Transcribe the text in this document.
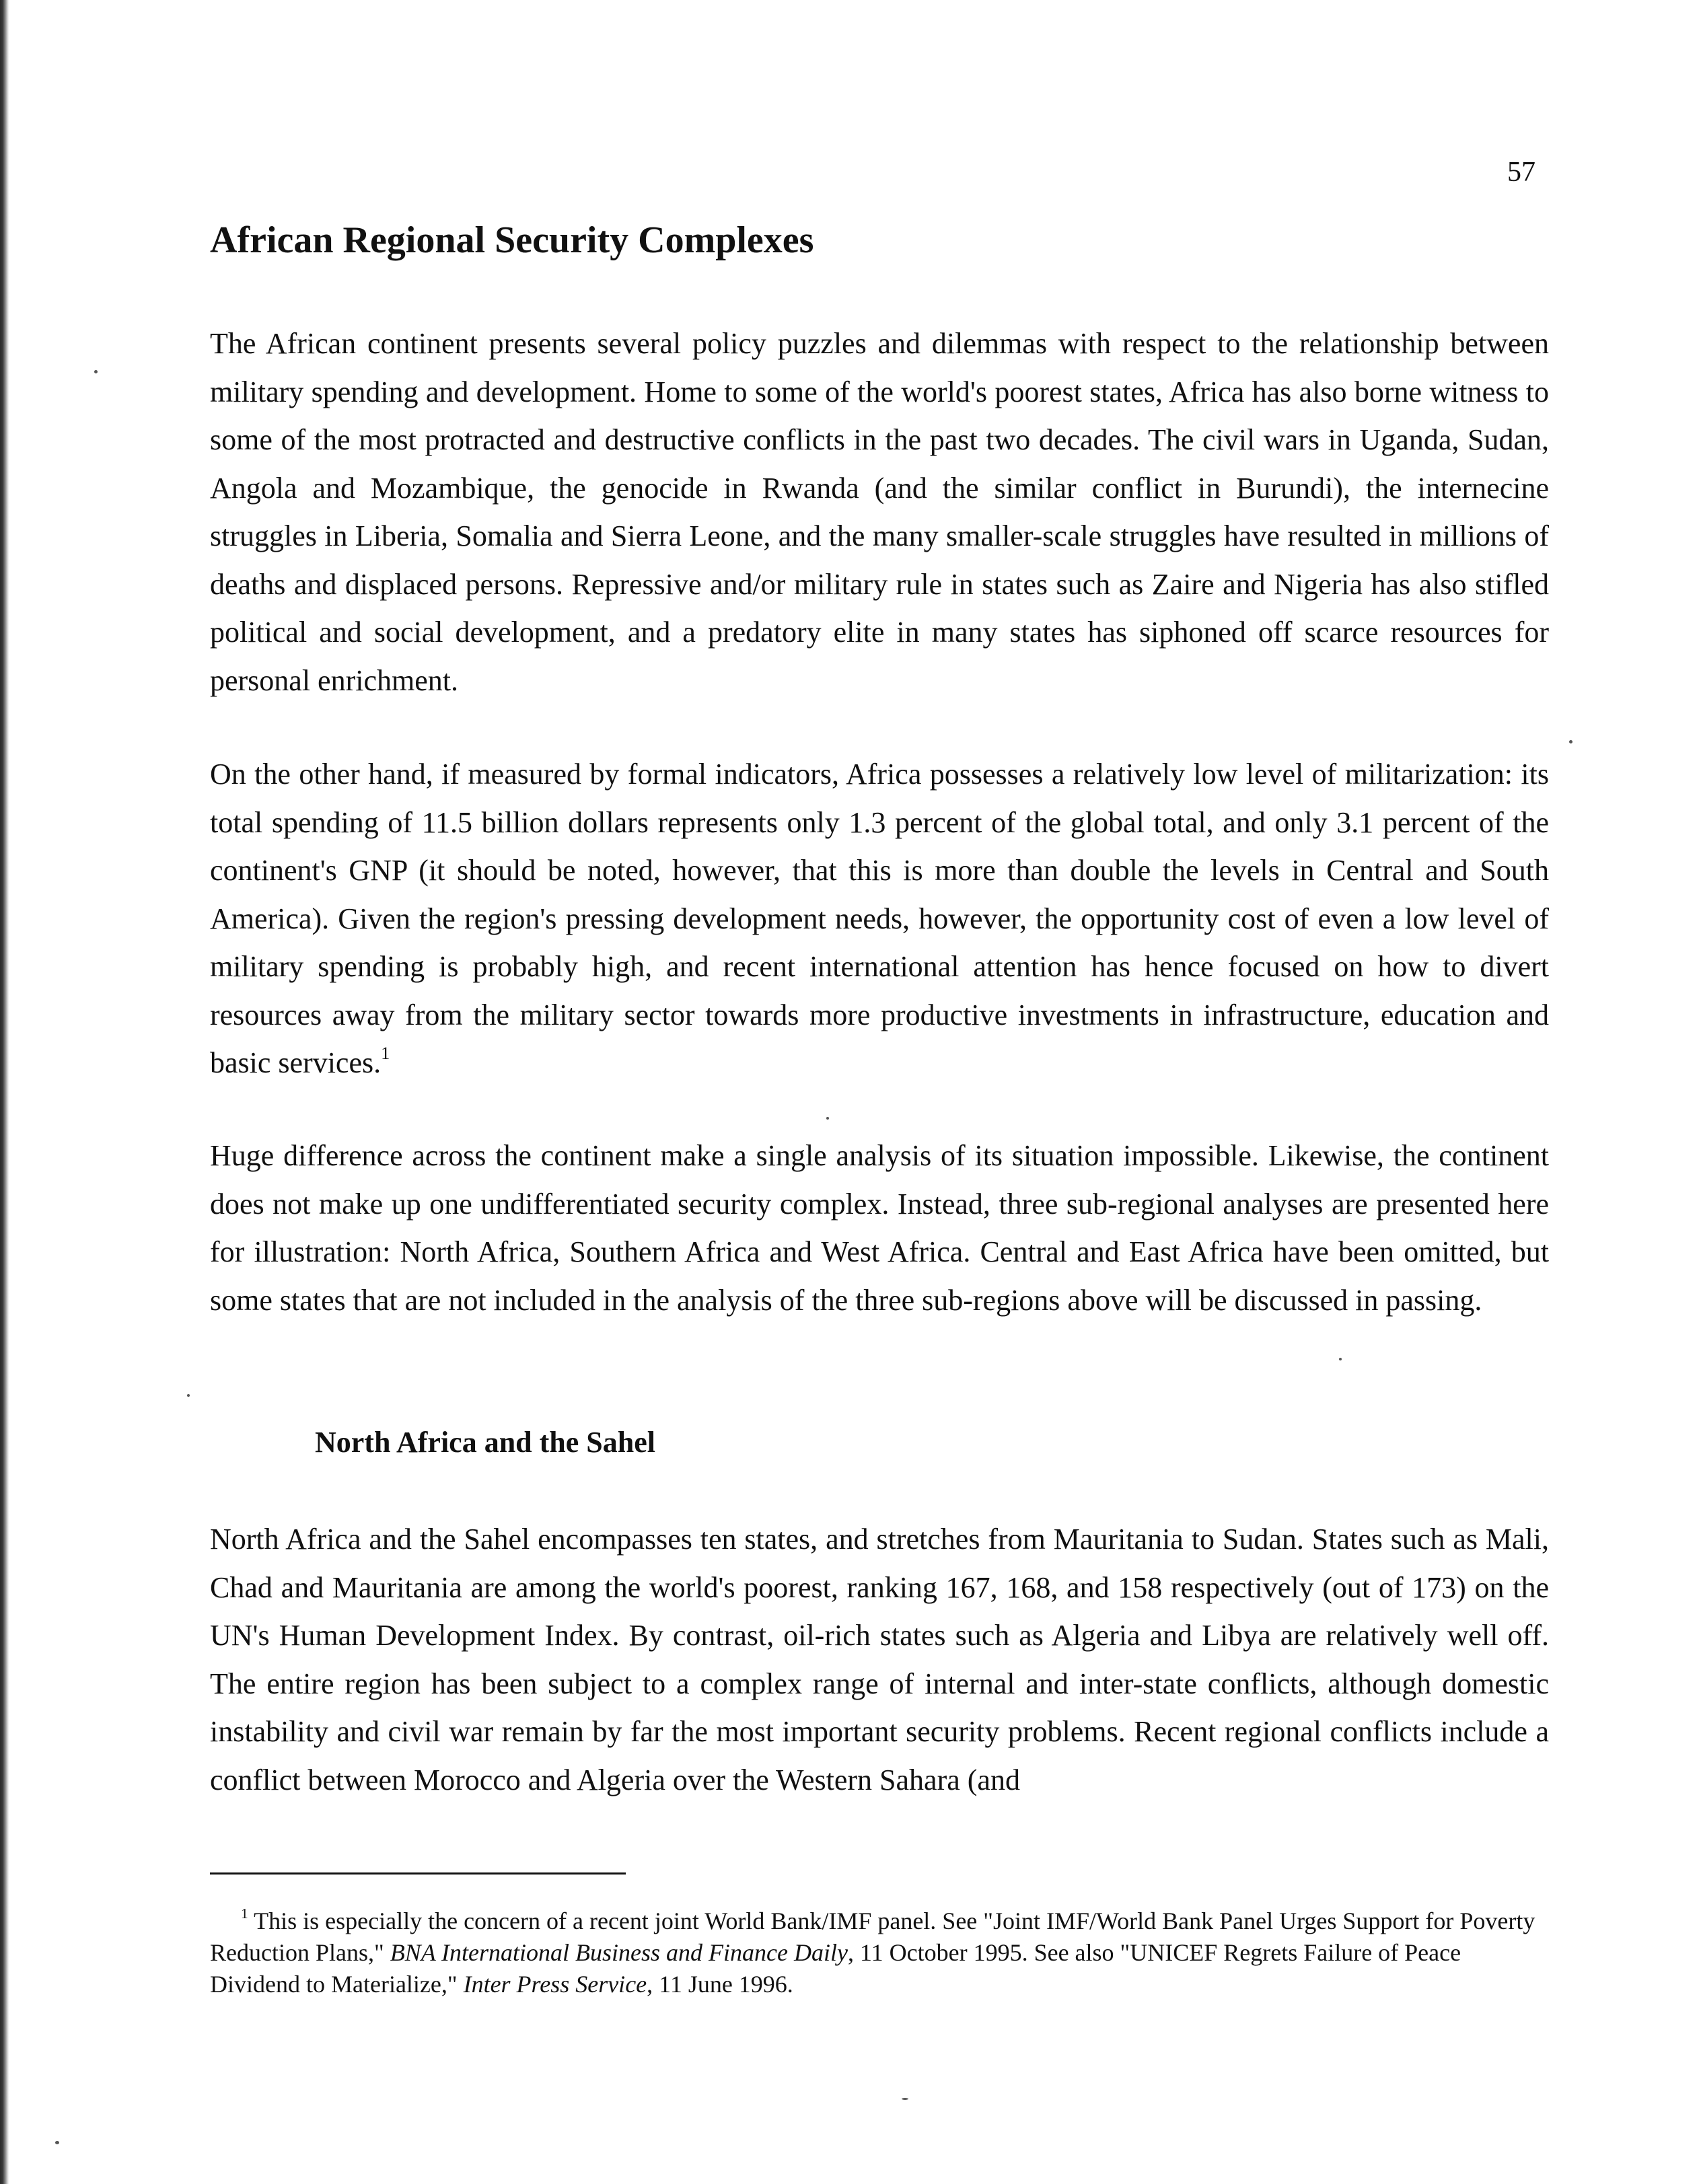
57
African Regional Security Complexes

The African continent presents several policy puzzles and dilemmas with respect to the relationship between military spending and development. Home to some of the world's poorest states, Africa has also borne witness to some of the most protracted and destructive conflicts in the past two decades. The civil wars in Uganda, Sudan, Angola and Mozambique, the genocide in Rwanda (and the similar conflict in Burundi), the internecine struggles in Liberia, Somalia and Sierra Leone, and the many smaller-scale struggles have resulted in millions of deaths and displaced persons. Repressive and/or military rule in states such as Zaire and Nigeria has also stifled political and social development, and a predatory elite in many states has siphoned off scarce resources for personal enrichment.

On the other hand, if measured by formal indicators, Africa possesses a relatively low level of militarization: its total spending of 11.5 billion dollars represents only 1.3 percent of the global total, and only 3.1 percent of the continent's GNP (it should be noted, however, that this is more than double the levels in Central and South America). Given the region's pressing development needs, however, the opportunity cost of even a low level of military spending is probably high, and recent international attention has hence focused on how to divert resources away from the military sector towards more productive investments in infrastructure, education and basic services.$^1$

Huge difference across the continent make a single analysis of its situation impossible. Likewise, the continent does not make up one undifferentiated security complex. Instead, three sub-regional analyses are presented here for illustration: North Africa, Southern Africa and West Africa. Central and East Africa have been omitted, but some states that are not included in the analysis of the three sub-regions above will be discussed in passing.

North Africa and the Sahel

North Africa and the Sahel encompasses ten states, and stretches from Mauritania to Sudan. States such as Mali, Chad and Mauritania are among the world's poorest, ranking 167, 168, and 158 respectively (out of 173) on the UN's Human Development Index. By contrast, oil-rich states such as Algeria and Libya are relatively well off. The entire region has been subject to a complex range of internal and inter-state conflicts, although domestic instability and civil war remain by far the most important security problems. Recent regional conflicts include a conflict between Morocco and Algeria over the Western Sahara (and

$^1$ This is especially the concern of a recent joint World Bank/IMF panel. See "Joint IMF/World Bank Panel Urges Support for Poverty Reduction Plans," BNA International Business and Finance Daily, 11 October 1995. See also "UNICEF Regrets Failure of Peace Dividend to Materialize," Inter Press Service, 11 June 1996.
